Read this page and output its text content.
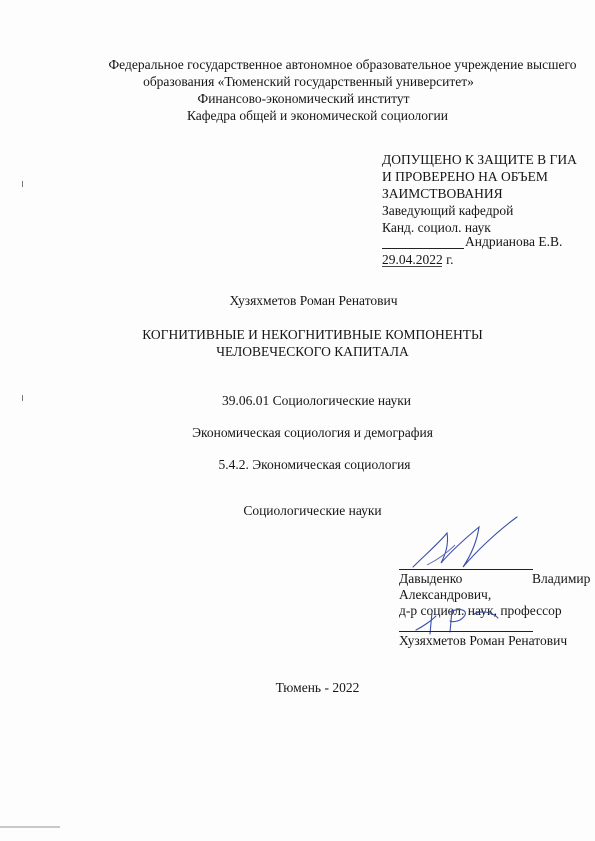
Федеральное государственное автономное образовательное учреждение высшего
образования «Тюменский государственный университет»
Финансово-экономический институт
Кафедра общей и экономической социологии
ДОПУЩЕНО К ЗАЩИТЕ В ГИА
И ПРОВЕРЕНО НА ОБЪЕМ
ЗАИМСТВОВАНИЯ
Заведующий кафедрой
Канд. социол. наук
Андрианова Е.В.
29.04.2022 г.
Хузяхметов Роман Ренатович
КОГНИТИВНЫЕ И НЕКОГНИТИВНЫЕ КОМПОНЕНТЫ
ЧЕЛОВЕЧЕСКОГО КАПИТАЛА
39.06.01 Социологические науки
Экономическая социология и демография
5.4.2. Экономическая социология
Социологические науки
Давыденко	Владимир
Александрович,
д-р социол. наук, профессор
Хузяхметов Роман Ренатович
Тюмень - 2022
